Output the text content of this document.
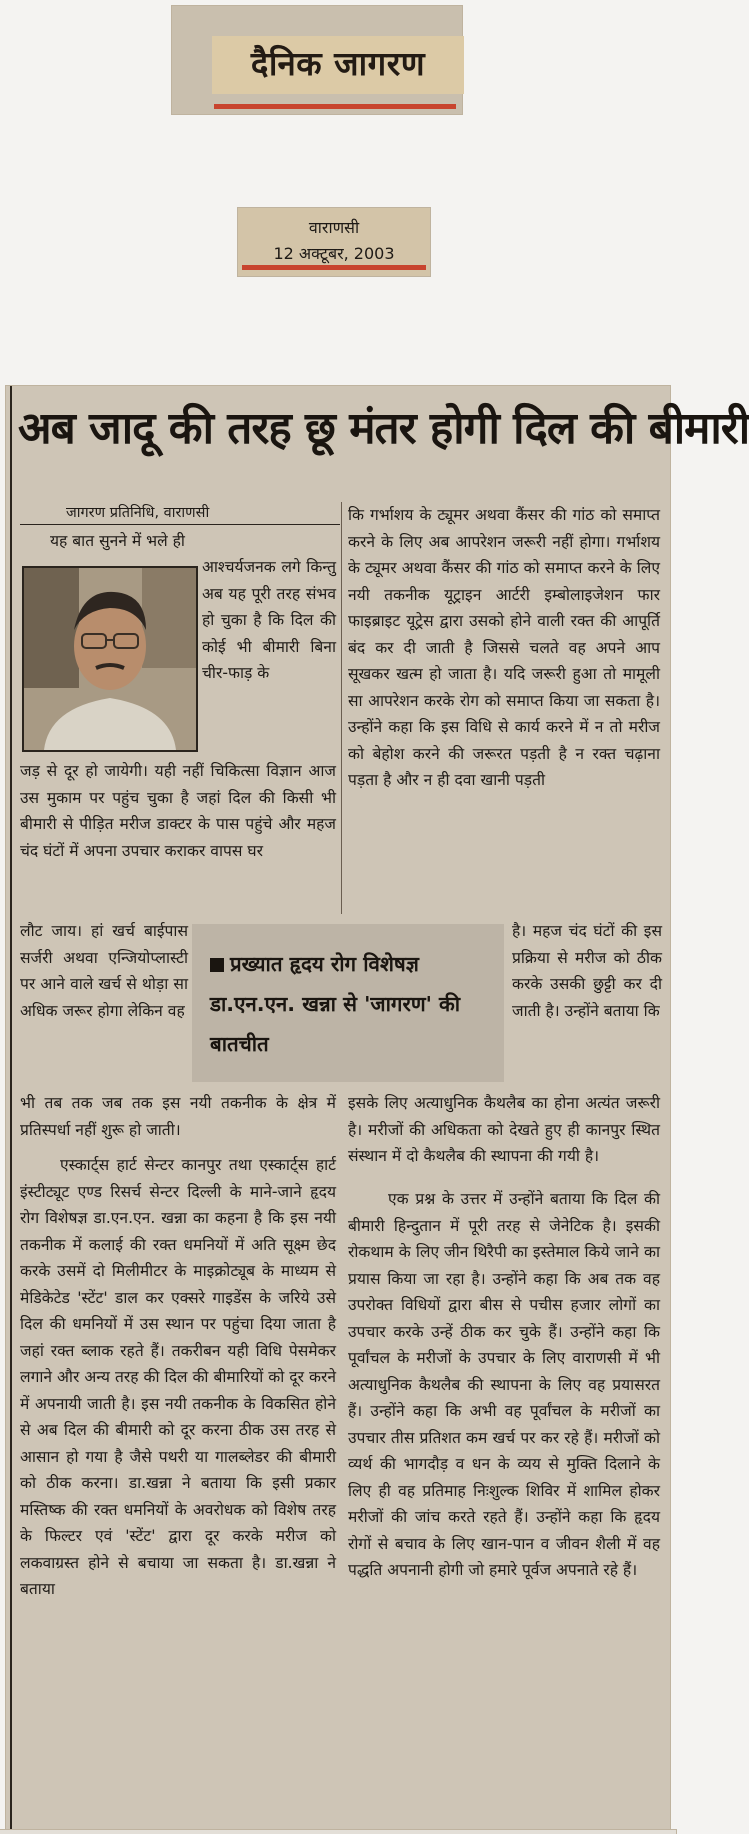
दैनिक जागरण
वाराणसी
12 अक्टूबर, 2003
अब जादू की तरह छू मंतर होगी दिल की बीमारी
जागरण प्रतिनिधि, वाराणसी
यह बात सुनने में भले ही
आश्चर्यजनक लगे किन्तु अब यह पूरी तरह संभव हो चुका है कि दिल की कोई भी बीमारी बिना चीर-फाड़ के
जड़ से दूर हो जायेगी। यही नहीं चिकित्सा विज्ञान आज उस मुकाम पर पहुंच चुका है जहां दिल की किसी भी बीमारी से पीड़ित मरीज डाक्टर के पास पहुंचे और महज चंद घंटों में अपना उपचार कराकर वापस घर
लौट जाय। हां खर्च बाईपास सर्जरी अथवा एन्जियोप्लास्टी पर आने वाले खर्च से थोड़ा सा अधिक जरूर होगा लेकिन वह
भी तब तक जब तक इस नयी तकनीक के क्षेत्र में प्रतिस्पर्धा नहीं शुरू हो जाती।
एस्कार्ट्स हार्ट सेन्टर कानपुर तथा एस्कार्ट्स हार्ट इंस्टीट्यूट एण्ड रिसर्च सेन्टर दिल्ली के माने-जाने हृदय रोग विशेषज्ञ डा.एन.एन. खन्ना का कहना है कि इस नयी तकनीक में कलाई की रक्त धमनियों में अति सूक्ष्म छेद करके उसमें दो मिलीमीटर के माइक्रोट्यूब के माध्यम से मेडिकेटेड 'स्टेंट' डाल कर एक्सरे गाइडेंस के जरिये उसे दिल की धमनियों में उस स्थान पर पहुंचा दिया जाता है जहां रक्त ब्लाक रहते हैं। तकरीबन यही विधि पेसमेकर लगाने और अन्य तरह की दिल की बीमारियों को दूर करने में अपनायी जाती है। इस नयी तकनीक के विकसित होने से अब दिल की बीमारी को दूर करना ठीक उस तरह से आसान हो गया है जैसे पथरी या गालब्लेडर की बीमारी को ठीक करना। डा.खन्ना ने बताया कि इसी प्रकार मस्तिष्क की रक्त धमनियों के अवरोधक को विशेष तरह के फिल्टर एवं 'स्टेंट' द्वारा दूर करके मरीज को लकवाग्रस्त होने से बचाया जा सकता है। डा.खन्ना ने बताया
कि गर्भाशय के ट्यूमर अथवा कैंसर की गांठ को समाप्त करने के लिए अब आपरेशन जरूरी नहीं होगा। गर्भाशय के ट्यूमर अथवा कैंसर की गांठ को समाप्त करने के लिए नयी तकनीक यूट्राइन आर्टरी इम्बोलाइजेशन फार फाइब्राइट यूट्रेस द्वारा उसको होने वाली रक्त की आपूर्ति बंद कर दी जाती है जिससे चलते वह अपने आप सूखकर खत्म हो जाता है। यदि जरूरी हुआ तो मामूली सा आपरेशन करके रोग को समाप्त किया जा सकता है। उन्होंने कहा कि इस विधि से कार्य करने में न तो मरीज को बेहोश करने की जरूरत पड़ती है न रक्त चढ़ाना पड़ता है और न ही दवा खानी पड़ती
प्रख्यात हृदय रोग विशेषज्ञ डा.एन.एन. खन्ना से 'जागरण' की बातचीत
है। महज चंद घंटों की इस प्रक्रिया से मरीज को ठीक करके उसकी छुट्टी कर दी जाती है। उन्होंने बताया कि
इसके लिए अत्याधुनिक कैथलैब का होना अत्यंत जरूरी है। मरीजों की अधिकता को देखते हुए ही कानपुर स्थित संस्थान में दो कैथलैब की स्थापना की गयी है।
एक प्रश्न के उत्तर में उन्होंने बताया कि दिल की बीमारी हिन्दुतान में पूरी तरह से जेनेटिक है। इसकी रोकथाम के लिए जीन थिरैपी का इस्तेमाल किये जाने का प्रयास किया जा रहा है। उन्होंने कहा कि अब तक वह उपरोक्त विधियों द्वारा बीस से पचीस हजार लोगों का उपचार करके उन्हें ठीक कर चुके हैं। उन्होंने कहा कि पूर्वांचल के मरीजों के उपचार के लिए वाराणसी में भी अत्याधुनिक कैथलैब की स्थापना के लिए वह प्रयासरत हैं। उन्होंने कहा कि अभी वह पूर्वांचल के मरीजों का उपचार तीस प्रतिशत कम खर्च पर कर रहे हैं। मरीजों को व्यर्थ की भागदौड़ व धन के व्यय से मुक्ति दिलाने के लिए ही वह प्रतिमाह निःशुल्क शिविर में शामिल होकर मरीजों की जांच करते रहते हैं। उन्होंने कहा कि हृदय रोगों से बचाव के लिए खान-पान व जीवन शैली में वह पद्धति अपनानी होगी जो हमारे पूर्वज अपनाते रहे हैं।
